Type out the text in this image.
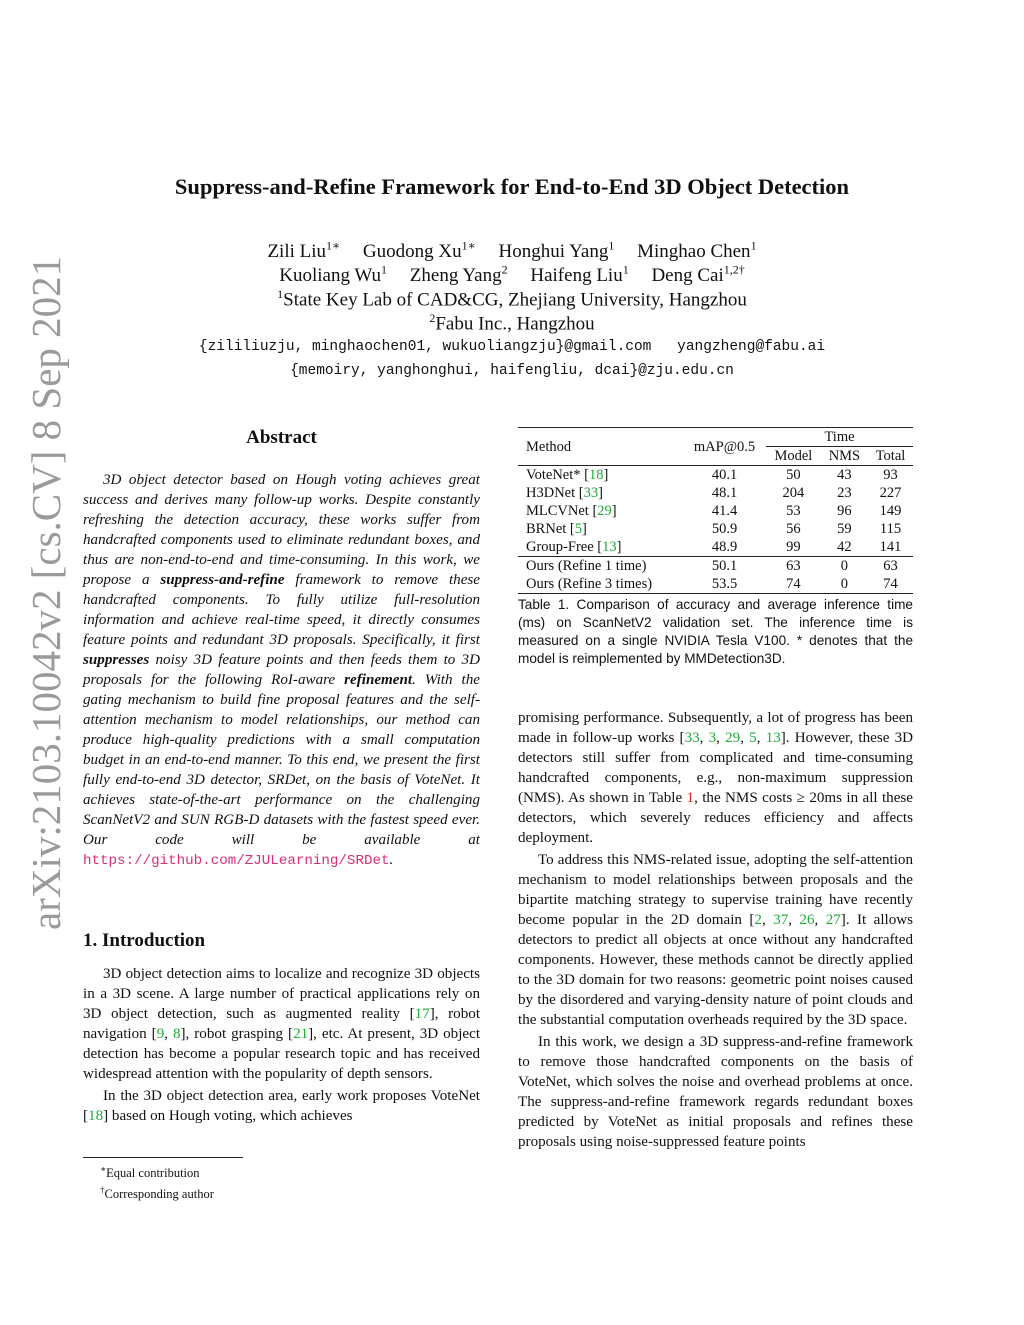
arXiv:2103.10042v2 [cs.CV] 8 Sep 2021
Suppress-and-Refine Framework for End-to-End 3D Object Detection
Zili Liu$^{1∗}$ Guodong $Xu^{1∗}$ Honghui Yang$^1$ Minghao Chen$^1$
Kuoliang Wu$^1$ Zheng Yang$^2$ Haifeng Liu$^1$ Deng Cai$^{1,2\dagger}$
$^1$State Key Lab of CAD&CG, Zhejiang University, Hangzhou
$^2$Fabu Inc., Hangzhou
{zililiuzju, minghaochen01, wukuoliangzju}@gmail.com yangzheng@fabu.ai
{memoiry, yanghonghui, haifengliu, dcai}@zju.edu.cn
Abstract

3D object detector based on Hough voting achieves great success and derives many follow-up works. Despite constantly refreshing the detection accuracy, these works suffer from handcrafted components used to eliminate redundant boxes, and thus are non-end-to-end and time-consuming. In this work, we propose a suppress-and-refine framework to remove these handcrafted components. To fully utilize full-resolution information and achieve real-time speed, it directly consumes feature points and redundant 3D proposals. Specifically, it first suppresses noisy 3D feature points and then feeds them to 3D proposals for the following RoI-aware refinement. With the gating mechanism to build fine proposal features and the self-attention mechanism to model relationships, our method can produce high-quality predictions with a small computation budget in an end-to-end manner. To this end, we present the first fully end-to-end 3D detector, SRDet, on the basis of VoteNet. It achieves state-of-the-art performance on the challenging ScanNetV2 and SUN RGB-D datasets with the fastest speed ever. Our code will be available at https://github.com/ZJULearning/SRDet.

1. Introduction

3D object detection aims to localize and recognize 3D objects in a 3D scene. A large number of practical applications rely on 3D object detection, such as augmented reality [17], robot navigation [9, 8], robot grasping [21], etc. At present, 3D object detection has become a popular research topic and has received widespread attention with the popularity of depth sensors.

In the 3D object detection area, early work proposes VoteNet [18] based on Hough voting, which achieves

∗Equal contribution
†Corresponding author
Method	mAP@0.5	Time		
		Model	NMS	Total
VoteNet* [18]	40.1	50	43	93
H3DNet [33]	48.1	204	23	227
MLCVNet [29]	41.4	53	96	149
BRNet [5]	50.9	56	59	115
Group-Free [13]	48.9	99	42	141
Ours (Refine 1 time)	50.1	63	0	63
Ours (Refine 3 times)	53.5	74	0	74
Table 1. Comparison of accuracy and average inference time (ms) on ScanNetV2 validation set. The inference time is measured on a single NVIDIA Tesla V100. * denotes that the model is reimplemented by MMDetection3D.

promising performance. Subsequently, a lot of progress has been made in follow-up works [33, 3, 29, 5, 13]. However, these 3D detectors still suffer from complicated and time-consuming handcrafted components, e.g., non-maximum suppression (NMS). As shown in Table 1, the NMS costs ≥ 20ms in all these detectors, which severely reduces efficiency and affects deployment.

To address this NMS-related issue, adopting the self-attention mechanism to model relationships between proposals and the bipartite matching strategy to supervise training have recently become popular in the 2D domain [2, 37, 26, 27]. It allows detectors to predict all objects at once without any handcrafted components. However, these methods cannot be directly applied to the 3D domain for two reasons: geometric point noises caused by the disordered and varying-density nature of point clouds and the substantial computation overheads required by the 3D space.

In this work, we design a 3D suppress-and-refine framework to remove those handcrafted components on the basis of VoteNet, which solves the noise and overhead problems at once. The suppress-and-refine framework regards redundant boxes predicted by VoteNet as initial proposals and refines these proposals using noise-suppressed feature points
